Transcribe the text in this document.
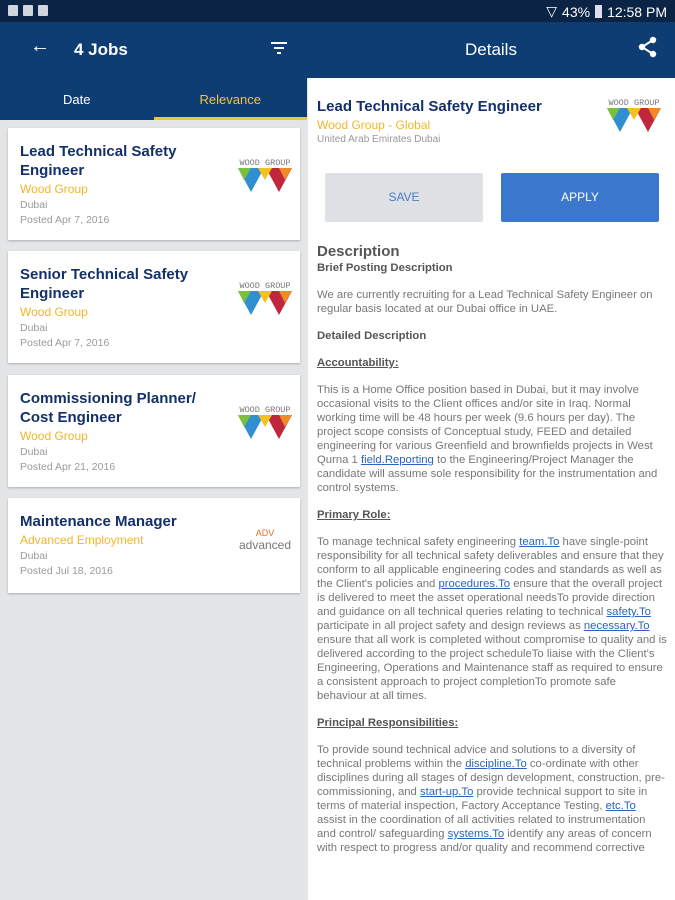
▽ 43% 12:58 PM
← 4 Jobs	Details
Date	Relevance
Lead Technical Safety Engineer
Wood Group
Dubai
Posted Apr 7, 2016
WOOD GROUP
Senior Technical Safety Engineer
Wood Group
Dubai
Posted Apr 7, 2016
WOOD GROUP
Commissioning Planner/ Cost Engineer
Wood Group
Dubai
Posted Apr 21, 2016
WOOD GROUP
Maintenance Manager
Advanced Employment
Dubai
Posted Jul 18, 2016
ADV
advanced
Lead Technical Safety Engineer
Wood Group - Global
United Arab Emirates Dubai
WOOD GROUP
SAVE	APPLY
Description
Brief Posting Description
We are currently recruiting for a Lead Technical Safety Engineer on regular basis located at our Dubai office in UAE.
Detailed Description
Accountability:
This is a Home Office position based in Dubai, but it may involve occasional visits to the Client offices and/or site in Iraq. Normal working time will be 48 hours per week (9.6 hours per day). The project scope consists of Conceptual study, FEED and detailed engineering for various Greenfield and brownfields projects in West Qurna 1 field.Reporting to the Engineering/Project Manager the candidate will assume sole responsibility for the instrumentation and control systems.
Primary Role:
To manage technical safety engineering team.To have single-point responsibility for all technical safety deliverables and ensure that they conform to all applicable engineering codes and standards as well as the Client's policies and procedures.To ensure that the overall project is delivered to meet the asset operational needsTo provide direction and guidance on all technical queries relating to technical safety.To participate in all project safety and design reviews as necessary.To ensure that all work is completed without compromise to quality and is delivered according to the project scheduleTo liaise with the Client's Engineering, Operations and Maintenance staff as required to ensure a consistent approach to project completionTo promote safe behaviour at all times.
Principal Responsibilities:
To provide sound technical advice and solutions to a diversity of technical problems within the discipline.To co-ordinate with other disciplines during all stages of design development, construction, pre-commissioning, and start-up.To provide technical support to site in terms of material inspection, Factory Acceptance Testing, etc.To assist in the coordination of all activities related to instrumentation and control/ safeguarding systems.To identify any areas of concern with respect to progress and/or quality and recommend corrective
